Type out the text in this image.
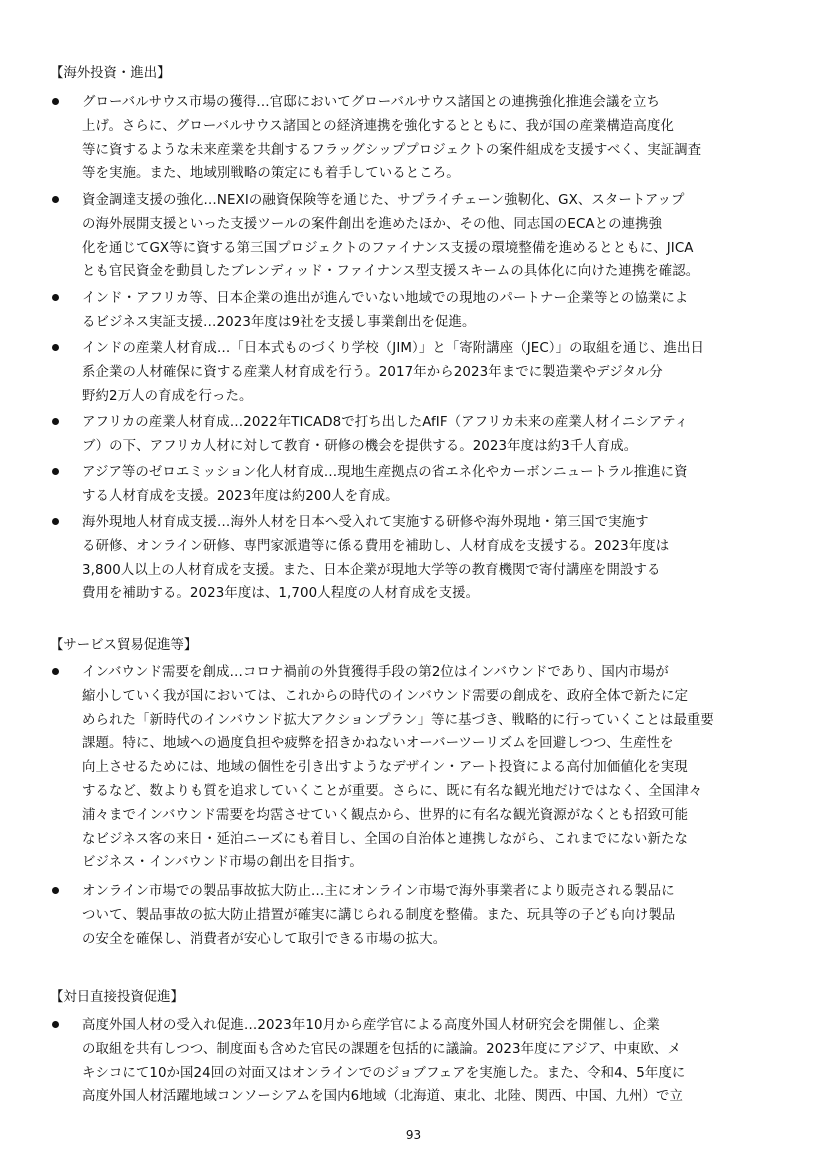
【海外投資・進出】
グローバルサウス市場の獲得…官邸においてグローバルサウス諸国との連携強化推進会議を立ち
上げ。さらに、グローバルサウス諸国との経済連携を強化するとともに、我が国の産業構造高度化
等に資するような未来産業を共創するフラッグシッププロジェクトの案件組成を支援すべく、実証調査
等を実施。また、地域別戦略の策定にも着手しているところ。
資金調達支援の強化…NEXIの融資保険等を通じた、サプライチェーン強靭化、GX、スタートアップ
の海外展開支援といった支援ツールの案件創出を進めたほか、その他、同志国のECAとの連携強
化を通じてGX等に資する第三国プロジェクトのファイナンス支援の環境整備を進めるとともに、JICA
とも官民資金を動員したブレンディッド・ファイナンス型支援スキームの具体化に向けた連携を確認。
インド・アフリカ等、日本企業の進出が進んでいない地域での現地のパートナー企業等との協業によ
るビジネス実証支援…2023年度は9社を支援し事業創出を促進。
インドの産業人材育成…「日本式ものづくり学校（JIM）」と「寄附講座（JEC）」の取組を通じ、進出日
系企業の人材確保に資する産業人材育成を行う。2017年から2023年までに製造業やデジタル分
野約2万人の育成を行った。
アフリカの産業人材育成…2022年TICAD8で打ち出したAfIF（アフリカ未来の産業人材イニシアティ
ブ）の下、アフリカ人材に対して教育・研修の機会を提供する。2023年度は約3千人育成。
アジア等のゼロエミッション化人材育成…現地生産拠点の省エネ化やカーボンニュートラル推進に資
する人材育成を支援。2023年度は約200人を育成。
海外現地人材育成支援…海外人材を日本へ受入れて実施する研修や海外現地・第三国で実施す
る研修、オンライン研修、専門家派遣等に係る費用を補助し、人材育成を支援する。2023年度は
3,800人以上の人材育成を支援。また、日本企業が現地大学等の教育機関で寄付講座を開設する
費用を補助する。2023年度は、1,700人程度の人材育成を支援。
【サービス貿易促進等】
インバウンド需要を創成…コロナ禍前の外貨獲得手段の第2位はインバウンドであり、国内市場が
縮小していく我が国においては、これからの時代のインバウンド需要の創成を、政府全体で新たに定
められた「新時代のインバウンド拡大アクションプラン」等に基づき、戦略的に行っていくことは最重要
課題。特に、地域への過度負担や疲弊を招きかねないオーバーツーリズムを回避しつつ、生産性を
向上させるためには、地域の個性を引き出すようなデザイン・アート投資による高付加価値化を実現
するなど、数よりも質を追求していくことが重要。さらに、既に有名な観光地だけではなく、全国津々
浦々までインバウンド需要を均霑させていく観点から、世界的に有名な観光資源がなくとも招致可能
なビジネス客の来日・延泊ニーズにも着目し、全国の自治体と連携しながら、これまでにない新たな
ビジネス・インバウンド市場の創出を目指す。
オンライン市場での製品事故拡大防止…主にオンライン市場で海外事業者により販売される製品に
ついて、製品事故の拡大防止措置が確実に講じられる制度を整備。また、玩具等の子ども向け製品
の安全を確保し、消費者が安心して取引できる市場の拡大。
【対日直接投資促進】
高度外国人材の受入れ促進…2023年10月から産学官による高度外国人材研究会を開催し、企業
の取組を共有しつつ、制度面も含めた官民の課題を包括的に議論。2023年度にアジア、中東欧、メ
キシコにて10か国24回の対面又はオンラインでのジョブフェアを実施した。また、令和4、5年度に
高度外国人材活躍地域コンソーシアムを国内6地域（北海道、東北、北陸、関西、中国、九州）で立
93
